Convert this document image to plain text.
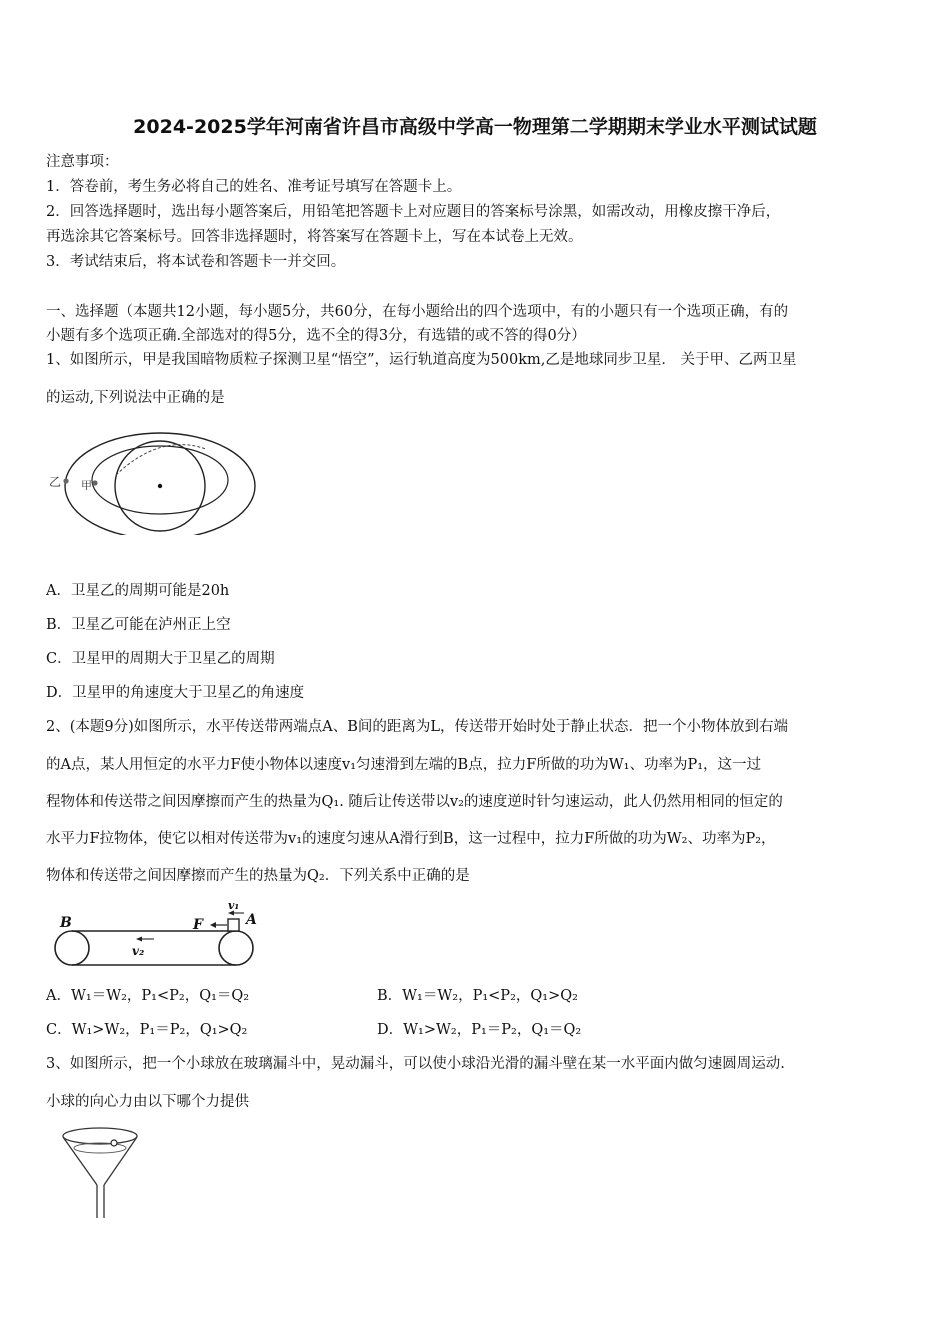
2024-2025学年河南省许昌市高级中学高一物理第二学期期末学业水平测试试题
注意事项：
1．答卷前，考生务必将自己的姓名、准考证号填写在答题卡上。
2．回答选择题时，选出每小题答案后，用铅笔把答题卡上对应题目的答案标号涂黑，如需改动，用橡皮擦干净后，
再选涂其它答案标号。回答非选择题时，将答案写在答题卡上，写在本试卷上无效。
3．考试结束后，将本试卷和答题卡一并交回。
一、选择题（本题共12小题，每小题5分，共60分，在每小题给出的四个选项中，有的小题只有一个选项正确，有的
小题有多个选项正确.全部选对的得5分，选不全的得3分，有选错的或不答的得0分）
1、如图所示，甲是我国暗物质粒子探测卫星“悟空”，运行轨道高度为500km,乙是地球同步卫星． 关于甲、乙两卫星
的运动,下列说法中正确的是
乙 甲
A．卫星乙的周期可能是20h
B．卫星乙可能在泸州正上空
C．卫星甲的周期大于卫星乙的周期
D．卫星甲的角速度大于卫星乙的角速度
2、(本题9分)如图所示，水平传送带两端点A、B间的距离为L，传送带开始时处于静止状态．把一个小物体放到右端
的A点，某人用恒定的水平力F使小物体以速度v₁匀速滑到左端的B点，拉力F所做的功为W₁、功率为P₁，这一过
程物体和传送带之间因摩擦而产生的热量为Q₁. 随后让传送带以v₂的速度逆时针匀速运动，此人仍然用相同的恒定的
水平力F拉物体，使它以相对传送带为v₁的速度匀速从A滑行到B，这一过程中，拉力F所做的功为W₂、功率为P₂，
物体和传送带之间因摩擦而产生的热量为Q₂．下列关系中正确的是
B	A
F
v₁
v₂
A．W₁＝W₂，P₁<P₂，Q₁＝Q₂	B．W₁＝W₂，P₁<P₂，Q₁>Q₂
C．W₁>W₂，P₁＝P₂，Q₁>Q₂	D．W₁>W₂，P₁＝P₂，Q₁＝Q₂
3、如图所示，把一个小球放在玻璃漏斗中，晃动漏斗，可以使小球沿光滑的漏斗壁在某一水平面内做匀速圆周运动.
小球的向心力由以下哪个力提供
